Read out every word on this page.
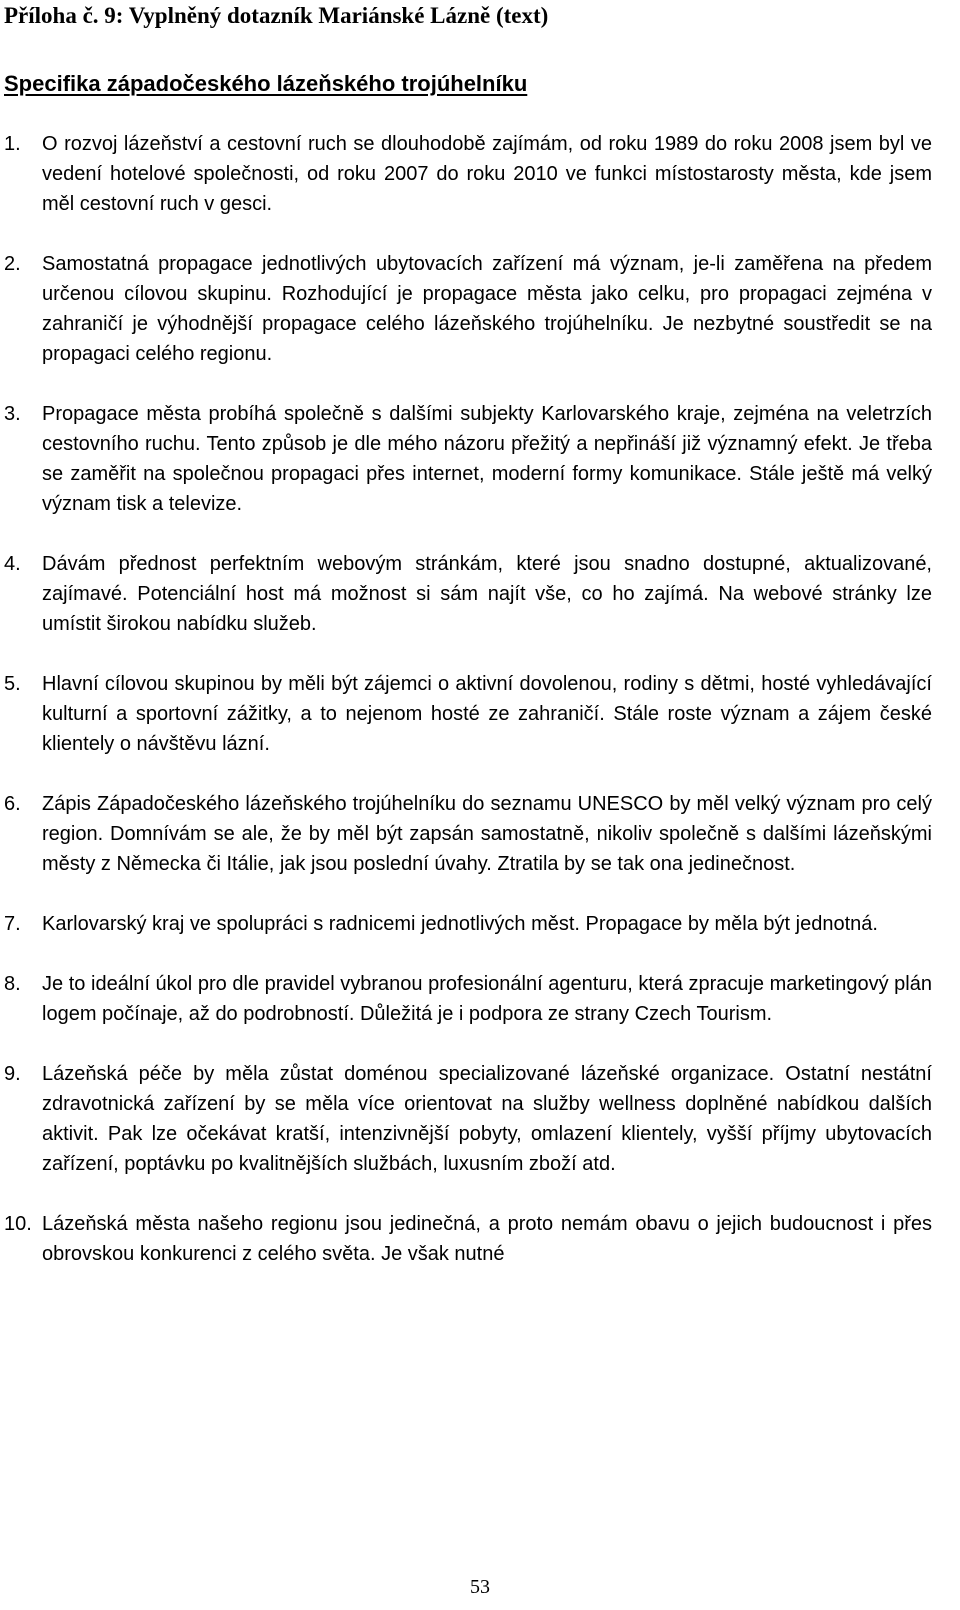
Příloha č. 9: Vyplněný dotazník Mariánské Lázně (text)
Specifika západočeského lázeňského trojúhelníku
1.	O rozvoj lázeňství a cestovní ruch se dlouhodobě zajímám, od roku 1989 do roku 2008 jsem byl ve vedení hotelové společnosti, od roku 2007 do roku 2010 ve funkci místostarosty města, kde jsem měl cestovní ruch v gesci.

2.	Samostatná propagace jednotlivých ubytovacích zařízení má význam, je-li zaměřena na předem určenou cílovou skupinu. Rozhodující je propagace města jako celku, pro propagaci zejména v zahraničí je výhodnější propagace celého lázeňského trojúhelníku. Je nezbytné soustředit se na propagaci celého regionu.

3.	Propagace města probíhá společně s dalšími subjekty Karlovarského kraje, zejména na veletrzích cestovního ruchu. Tento způsob je dle mého názoru přežitý a nepřináší již významný efekt. Je třeba se zaměřit na společnou propagaci přes internet, moderní formy komunikace. Stále ještě má velký význam tisk a televize.

4.	Dávám přednost perfektním webovým stránkám, které jsou snadno dostupné, aktualizované, zajímavé. Potenciální host má možnost si sám najít vše, co ho zajímá. Na webové stránky lze umístit širokou nabídku služeb.

5.	Hlavní cílovou skupinou by měli být zájemci o aktivní dovolenou, rodiny s dětmi, hosté vyhledávající kulturní a sportovní zážitky, a to nejenom hosté ze zahraničí. Stále roste význam a zájem české klientely o návštěvu lázní.

6.	Zápis Západočeského lázeňského trojúhelníku do seznamu UNESCO by měl velký význam pro celý region. Domnívám se ale, že by měl být zapsán samostatně, nikoliv společně s dalšími lázeňskými městy z Německa či Itálie, jak jsou poslední úvahy. Ztratila by se tak ona jedinečnost.

7.	Karlovarský kraj ve spolupráci s radnicemi jednotlivých měst. Propagace by měla být jednotná.

8.	Je to ideální úkol pro dle pravidel vybranou profesionální agenturu, která zpracuje marketingový plán logem počínaje, až do podrobností. Důležitá je i podpora ze strany Czech Tourism.

9.	Lázeňská péče by měla zůstat doménou specializované lázeňské organizace. Ostatní nestátní zdravotnická zařízení by se měla více orientovat na služby wellness doplněné nabídkou dalších aktivit. Pak lze očekávat kratší, intenzivnější pobyty, omlazení klientely, vyšší příjmy ubytovacích zařízení, poptávku po kvalitnějších službách, luxusním zboží atd.

10. Lázeňská města našeho regionu jsou jedinečná, a proto nemám obavu o jejich budoucnost i přes obrovskou konkurenci z celého světa. Je však nutné

53
